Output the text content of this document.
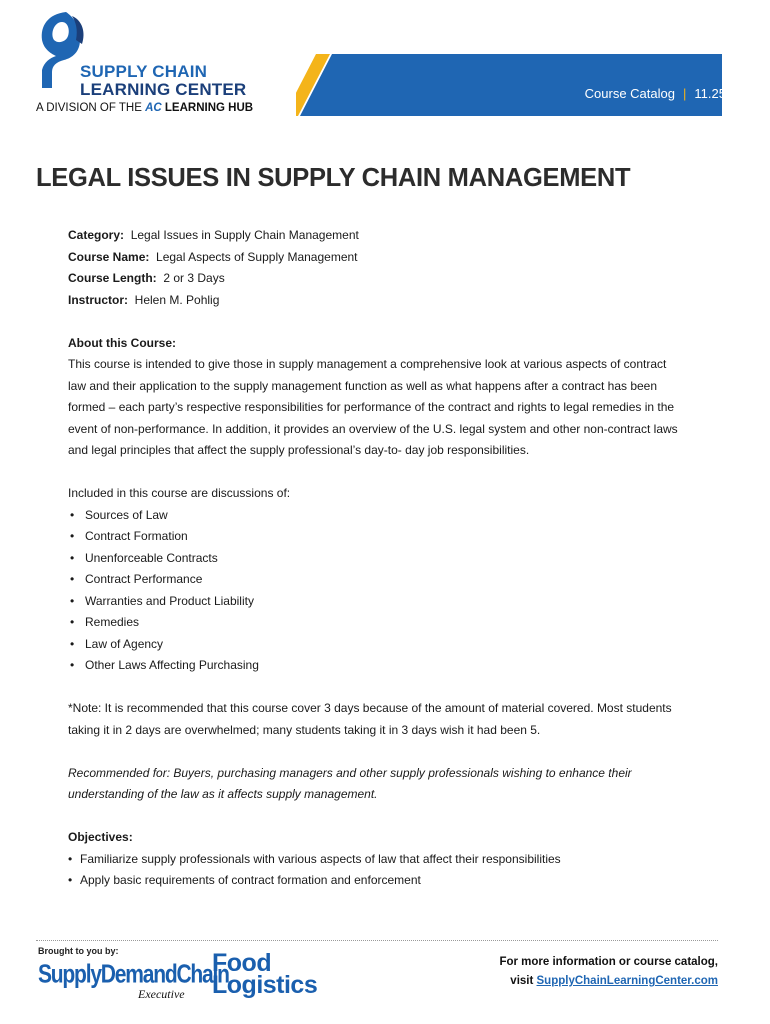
SUPPLY CHAIN
LEARNING CENTER
A DIVISION OF THE AC LEARNING HUB
Course Catalog | 11.25.15
LEGAL ISSUES IN SUPPLY CHAIN MANAGEMENT

Category: Legal Issues in Supply Chain Management

Course Name: Legal Aspects of Supply Management

Course Length: 2 or 3 Days

Instructor: Helen M. Pohlig

About this Course:

This course is intended to give those in supply management a comprehensive look at various aspects of contract

law and their application to the supply management function as well as what happens after a contract has been

formed – each party’s respective responsibilities for performance of the contract and rights to legal remedies in the

event of non-performance. In addition, it provides an overview of the U.S. legal system and other non-contract laws

and legal principles that affect the supply professional’s day-to- day job responsibilities.

Included in this course are discussions of:

• Sources of Law
• Contract Formation
• Unenforceable Contracts
• Contract Performance
• Warranties and Product Liability
• Remedies
• Law of Agency
• Other Laws Affecting Purchasing

*Note: It is recommended that this course cover 3 days because of the amount of material covered. Most students

taking it in 2 days are overwhelmed; many students taking it in 3 days wish it had been 5.

Recommended for: Buyers, purchasing managers and other supply professionals wishing to enhance their

understanding of the law as it affects supply management.

Objectives:

• Familiarize supply professionals with various aspects of law that affect their responsibilities
• Apply basic requirements of contract formation and enforcement
Brought to you by:
SupplyDemandChain
Executive
Food
Logistics
For more information or course catalog,
visit SupplyChainLearningCenter.com
